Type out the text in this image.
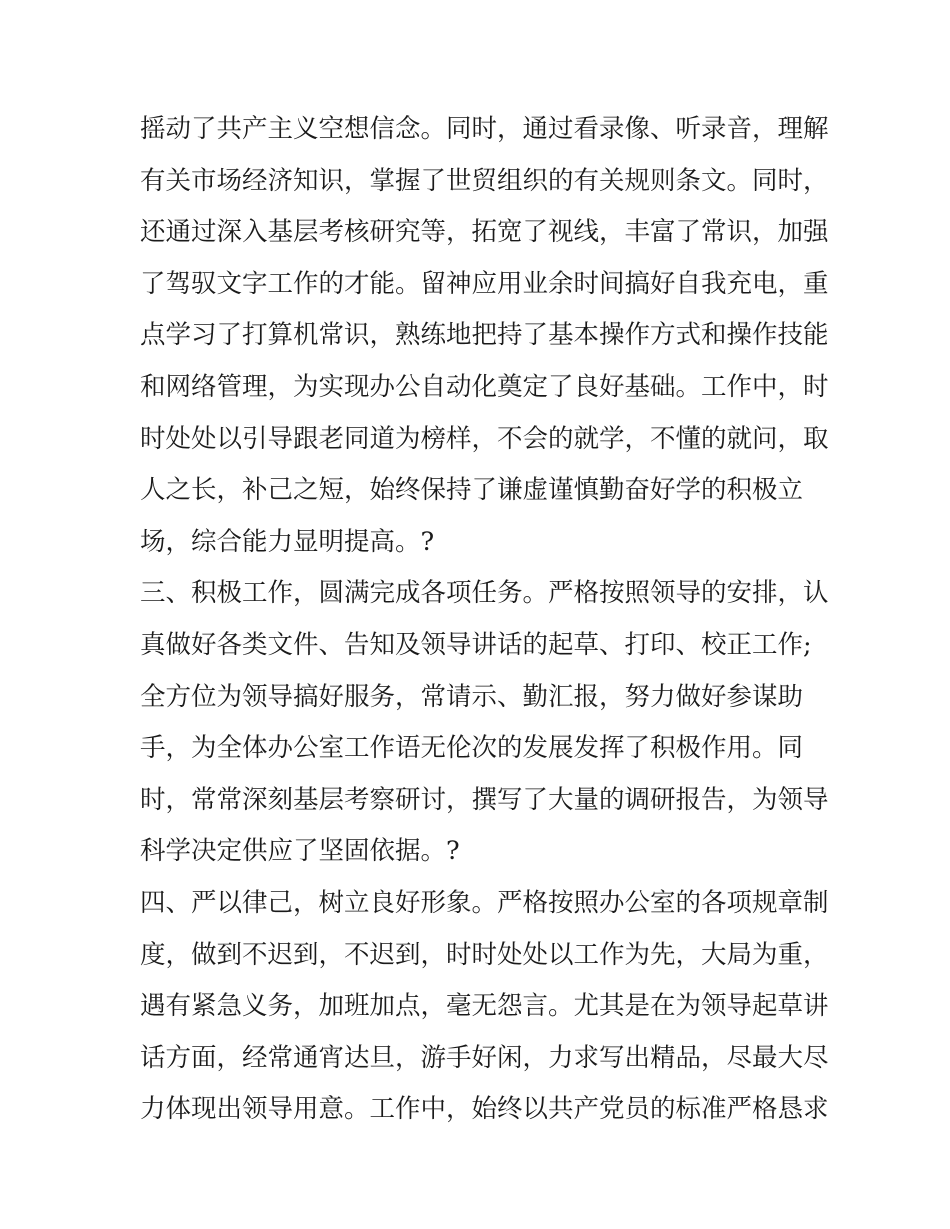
摇动了共产主义空想信念。同时，通过看录像、听录音，理解
有关市场经济知识，掌握了世贸组织的有关规则条文。同时，
还通过深入基层考核研究等，拓宽了视线，丰富了常识，加强
了驾驭文字工作的才能。留神应用业余时间搞好自我充电，重
点学习了打算机常识，熟练地把持了基本操作方式和操作技能
和网络管理，为实现办公自动化奠定了良好基础。工作中，时
时处处以引导跟老同道为榜样，不会的就学，不懂的就问，取
人之长，补己之短，始终保持了谦虚谨慎勤奋好学的积极立
场，综合能力显明提高。?
三、积极工作，圆满完成各项任务。严格按照领导的安排，认
真做好各类文件、告知及领导讲话的起草、打印、校正工作;
全方位为领导搞好服务，常请示、勤汇报，努力做好参谋助
手，为全体办公室工作语无伦次的发展发挥了积极作用。同
时，常常深刻基层考察研讨，撰写了大量的调研报告，为领导
科学决定供应了坚固依据。?
四、严以律己，树立良好形象。严格按照办公室的各项规章制
度，做到不迟到，不迟到，时时处处以工作为先，大局为重，
遇有紧急义务，加班加点，毫无怨言。尤其是在为领导起草讲
话方面，经常通宵达旦，游手好闲，力求写出精品，尽最大尽
力体现出领导用意。工作中，始终以共产党员的标准严格恳求
